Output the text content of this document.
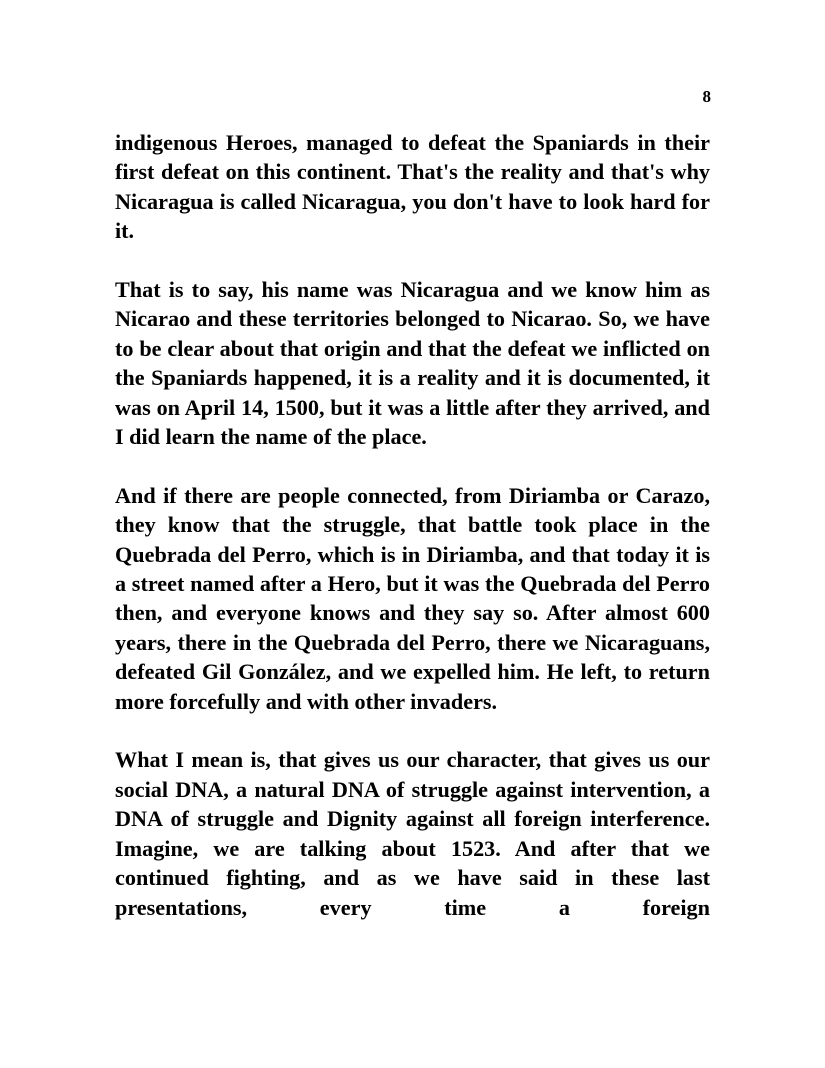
8

indigenous Heroes, managed to defeat the Spaniards in their first defeat on this continent. That's the reality and that's why Nicaragua is called Nicaragua, you don't have to look hard for it.

That is to say, his name was Nicaragua and we know him as Nicarao and these territories belonged to Nicarao. So, we have to be clear about that origin and that the defeat we inflicted on the Spaniards happened, it is a reality and it is documented, it was on April 14, 1500, but it was a little after they arrived, and I did learn the name of the place.

And if there are people connected, from Diriamba or Carazo, they know that the struggle, that battle took place in the Quebrada del Perro, which is in Diriamba, and that today it is a street named after a Hero, but it was the Quebrada del Perro then, and everyone knows and they say so. After almost 600 years, there in the Quebrada del Perro, there we Nicaraguans, defeated Gil González, and we expelled him. He left, to return more forcefully and with other invaders.

What I mean is, that gives us our character, that gives us our social DNA, a natural DNA of struggle against intervention, a DNA of struggle and Dignity against all foreign interference. Imagine, we are talking about 1523. And after that we continued fighting, and as we have said in these last presentations, every time a foreign
